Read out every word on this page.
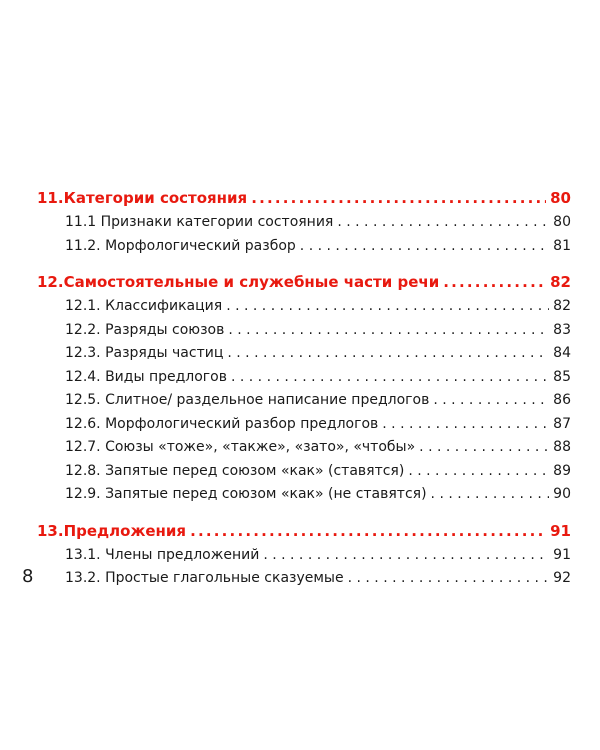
11. Категории состояния .....	80
11.1 Признаки категории состояния . . .	80
11.2. Морфологический разбор . . .	81
12. Самостоятельные и служебные части речи .....	82
12.1. Классификация . . .	82
12.2. Разряды союзов . . .	83
12.3. Разряды частиц . . .	84
12.4. Виды предлогов . . .	85
12.5. Слитное/ раздельное написание предлогов . . .	86
12.6. Морфологический разбор предлогов . . .	87
12.7. Союзы «тоже», «также», «зато», «чтобы» . . .	88
12.8. Запятые перед союзом «как» (ставятся) . . .	89
12.9. Запятые перед союзом «как» (не ставятся) . . .	90
13. Предложения .....	91
13.1. Члены предложений . . .	91
13.2. Простые глагольные сказуемые . . .	92
8
